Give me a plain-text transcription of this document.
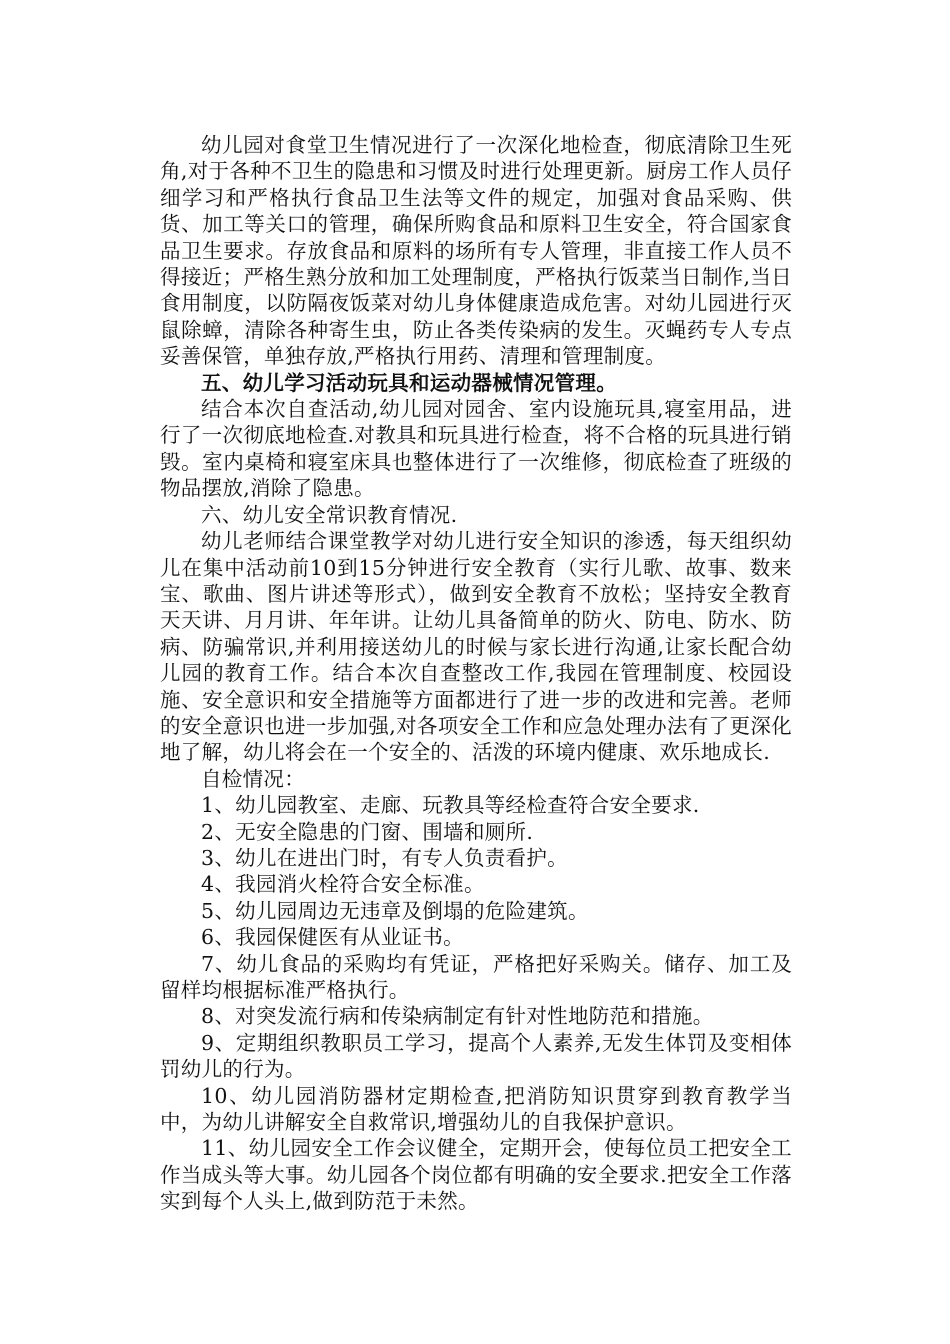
幼儿园对食堂卫生情况进行了一次深化地检查，彻底清除卫生死角,对于各种不卫生的隐患和习惯及时进行处理更新。厨房工作人员仔细学习和严格执行食品卫生法等文件的规定，加强对食品采购、供货、加工等关口的管理，确保所购食品和原料卫生安全，符合国家食品卫生要求。存放食品和原料的场所有专人管理，非直接工作人员不得接近；严格生熟分放和加工处理制度，严格执行饭菜当日制作,当日食用制度，以防隔夜饭菜对幼儿身体健康造成危害。对幼儿园进行灭鼠除蟑，清除各种寄生虫，防止各类传染病的发生。灭蝇药专人专点妥善保管，单独存放,严格执行用药、清理和管理制度。

五、幼儿学习活动玩具和运动器械情况管理。

结合本次自查活动,幼儿园对园舍、室内设施玩具,寝室用品，进行了一次彻底地检查.对教具和玩具进行检查，将不合格的玩具进行销毁。室内桌椅和寝室床具也整体进行了一次维修，彻底检查了班级的物品摆放,消除了隐患。

六、幼儿安全常识教育情况.

幼儿老师结合课堂教学对幼儿进行安全知识的渗透，每天组织幼儿在集中活动前10到15分钟进行安全教育（实行儿歌、故事、数来宝、歌曲、图片讲述等形式），做到安全教育不放松；坚持安全教育天天讲、月月讲、年年讲。让幼儿具备简单的防火、防电、防水、防病、防骗常识,并利用接送幼儿的时候与家长进行沟通,让家长配合幼儿园的教育工作。结合本次自查整改工作,我园在管理制度、校园设施、安全意识和安全措施等方面都进行了进一步的改进和完善。老师的安全意识也进一步加强,对各项安全工作和应急处理办法有了更深化地了解，幼儿将会在一个安全的、活泼的环境内健康、欢乐地成长.

自检情况：

1、幼儿园教室、走廊、玩教具等经检查符合安全要求.

2、无安全隐患的门窗、围墙和厕所.

3、幼儿在进出门时，有专人负责看护。

4、我园消火栓符合安全标准。

5、幼儿园周边无违章及倒塌的危险建筑。

6、我园保健医有从业证书。

7、幼儿食品的采购均有凭证，严格把好采购关。储存、加工及留样均根据标准严格执行。

8、对突发流行病和传染病制定有针对性地防范和措施。

9、定期组织教职员工学习，提高个人素养,无发生体罚及变相体罚幼儿的行为。

10、幼儿园消防器材定期检查,把消防知识贯穿到教育教学当中，为幼儿讲解安全自救常识,增强幼儿的自我保护意识。

11、幼儿园安全工作会议健全，定期开会，使每位员工把安全工作当成头等大事。幼儿园各个岗位都有明确的安全要求.把安全工作落实到每个人头上,做到防范于未然。
